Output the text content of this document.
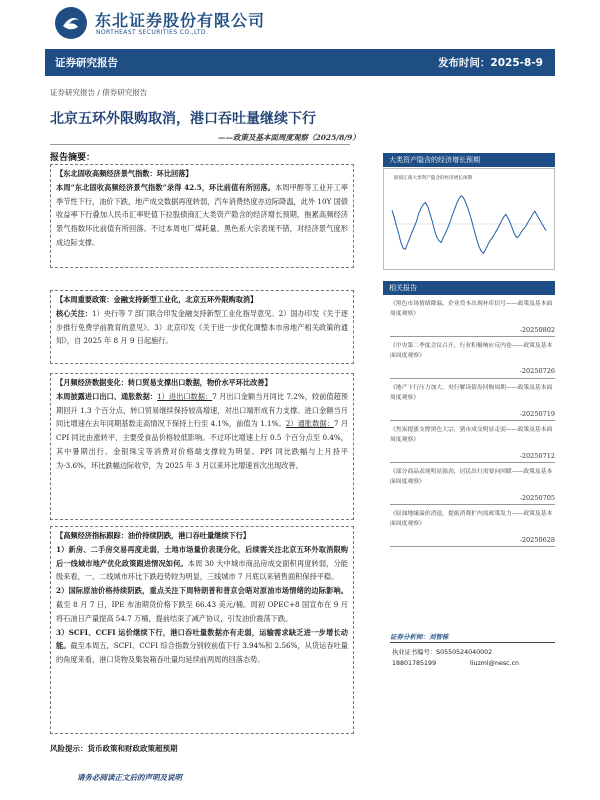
东北证券股份有限公司
NORTHEAST SECURITIES CO.,LTD.
证券研究报告	发布时间：2025-8-9
证券研究报告 / 债券研究报告
北京五环外限购取消，港口吞吐量继续下行
——政策及基本面周度观察（2025/8/9）
报告摘要：

【东北固收高频经济景气指数：环比回落】

本周“东北固收高频经济景气指数”录得 42.5，环比前值有所回落。本周甲醇等工业开工率季节性下行，油价下跌，地产成交数据再度转弱，汽车消费热度亦边际降温，此外 10Y 国债收益率下行叠加人民币汇率贬值下拉股债商汇大类资产隐含的经济增长预期，拖累高频经济景气指数环比前值有所回落。不过本周电厂煤耗量、黑色系大宗表现不错，对经济景气度形成边际支撑。

【本周重要政策：金融支持新型工业化，北京五环外限购取消】

核心关注：1）央行等 7 部门联合印发金融支持新型工业化指导意见。2）国办印发《关于逐步推行免费学前教育的意见》。3）北京印发《关于进一步优化调整本市房地产相关政策的通知》，自 2025 年 8 月 9 日起施行。

【月频经济数据变化：转口贸易支撑出口数据，物价水平环比改善】

本周披露进口出口、通胀数据：1）进出口数据：7 月出口金额当月同比 7.2%，较前值超预期回升 1.3 个百分点，转口贸易继续保持较高增速，对出口端形成有力支撑。进口金额当月同比增速在去年同期基数走高情况下保持上行至 4.1%，前值为 1.1%。2）通胀数据：7 月 CPI 同比由涨转平，主要受食品价格较低影响。不过环比增速上行 0.5 个百分点至 0.4%，其中暑期出行、金银珠宝等消费对价格端支撑较为明显。PPI 同比跌幅与上月持平为-3.6%，环比跌幅边际收窄，为 2025 年 3 月以来环比增速首次出现改善。

【高频经济指标跟踪：油价持续阴跌，港口吞吐量继续下行】

1）新房、二手房交易再度走弱，土地市场量价表现分化，后续需关注北京五环外取消限购后一线城市地产优化政策跟进情况如何。本周 30 大中城市商品房成交面积再度转弱，分能级来看，一、二线城市环比下跌趋势较为明显，三线城市 7 月底以来销售面积保持平稳。

2）国际原油价格持续阴跌，重点关注下周特朗普和普京会晤对原油市场情绪的边际影响。截至 8 月 7 日，IPE 布油期货价格下跌至 66.43 美元/桶。周初 OPEC+8 国宣布在 9 月将石油日产量提高 54.7 万桶，提前结束了减产协议，引发油价震荡下跌。

3）SCFI、CCFI 运价继续下行，港口吞吐量数据亦有走弱，运输需求缺乏进一步增长动能。截至本周五，SCFI、CCFI 综合指数分别较前值下行 3.94%和 2.56%，从货运吞吐量的角度来看，港口货物及集装箱吞吐量均延续前两周的回落态势。

风险提示：货币政策和财政政策超预期
请务必阅读正文后的声明及说明
大类资产隐含的经济增长预期
股债汇商大类资产隐含的经济增长预期
相关报告
《黑色市场情绪降温，企业贷本出现补库信号——政策及基本面周度观察》
-20250802
《中央第二季度会议召开，行业积极响应反内卷——政策及基本面周度观察》
-20250726
《地产下行压力加大，央行解读债券回购周期——政策及基本面周度观察》
-20250719
《焦炭提涨支撑黑色大宗，猪市成交明显走弱——政策及基本面周度观察》
-20250712
《部分商品表现明显强劲，居民出行需要向回暖——政策及基本面周度观察》
-20250705
《原油地缘溢价消退，提振消费扩内需政策发力——政策及基本面周度观察》
-20250628
证券分析师：刘智栋
执业证书编号：S0550524040002
18801785199	liuzml@nesc.cn
